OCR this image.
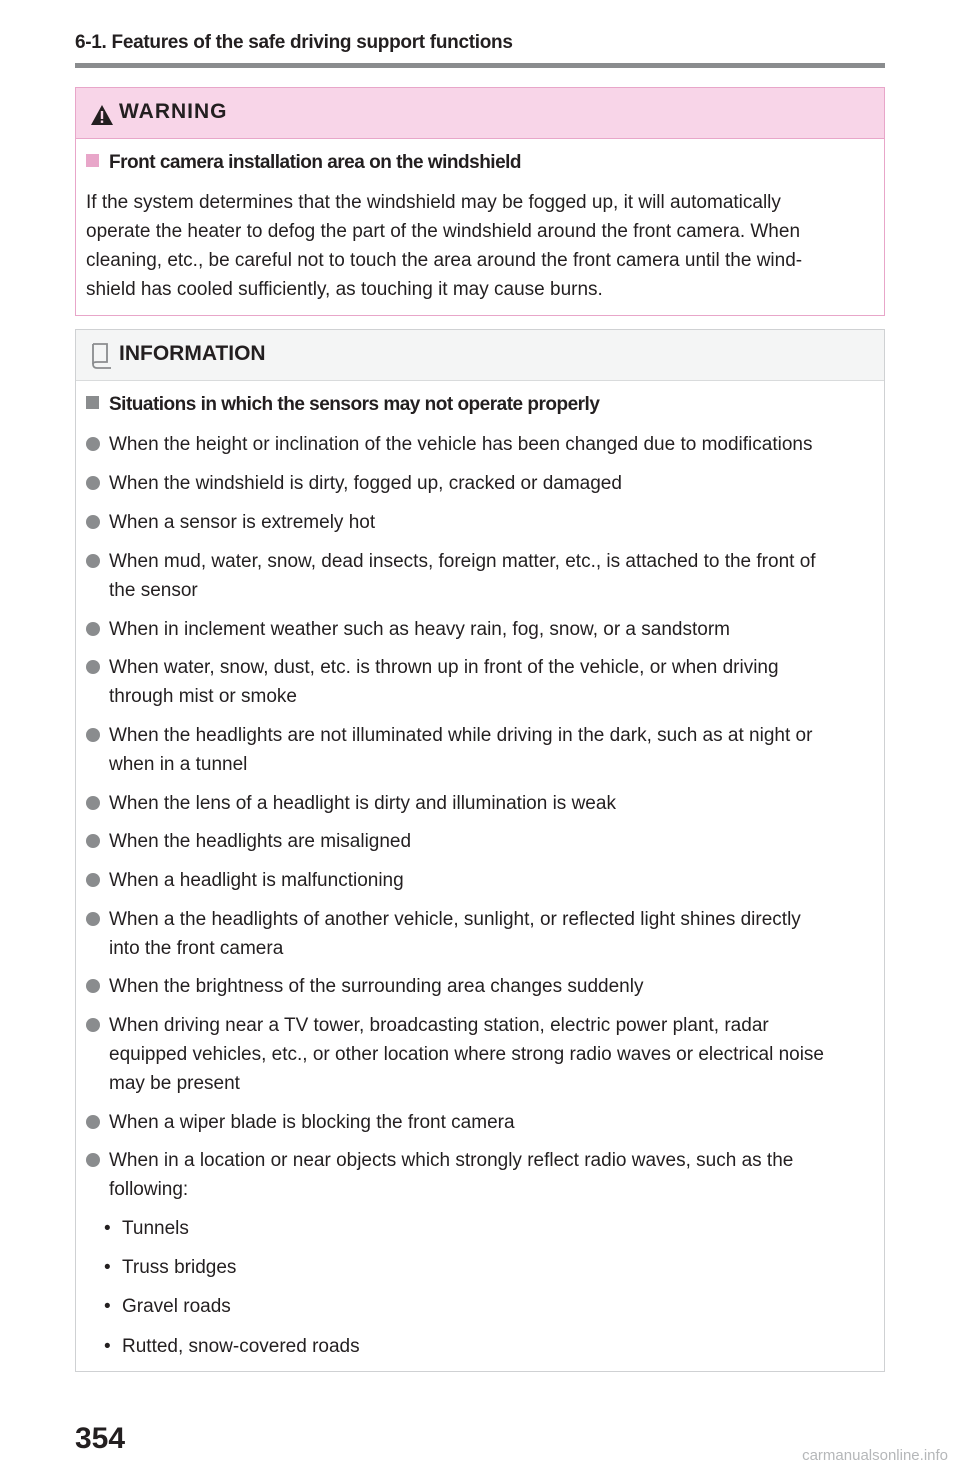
6-1. Features of the safe driving support functions
WARNING
Front camera installation area on the windshield
If the system determines that the windshield may be fogged up, it will automatically
operate the heater to defog the part of the windshield around the front camera. When
cleaning, etc., be careful not to touch the area around the front camera until the wind-
shield has cooled sufficiently, as touching it may cause burns.
INFORMATION
Situations in which the sensors may not operate properly
When the height or inclination of the vehicle has been changed due to modifications
When the windshield is dirty, fogged up, cracked or damaged
When a sensor is extremely hot
When mud, water, snow, dead insects, foreign matter, etc., is attached to the front of
the sensor
When in inclement weather such as heavy rain, fog, snow, or a sandstorm
When water, snow, dust, etc. is thrown up in front of the vehicle, or when driving
through mist or smoke
When the headlights are not illuminated while driving in the dark, such as at night or
when in a tunnel
When the lens of a headlight is dirty and illumination is weak
When the headlights are misaligned
When a headlight is malfunctioning
When a the headlights of another vehicle, sunlight, or reflected light shines directly
into the front camera
When the brightness of the surrounding area changes suddenly
When driving near a TV tower, broadcasting station, electric power plant, radar
equipped vehicles, etc., or other location where strong radio waves or electrical noise
may be present
When a wiper blade is blocking the front camera
When in a location or near objects which strongly reflect radio waves, such as the
following:
• Tunnels
• Truss bridges
• Gravel roads
• Rutted, snow-covered roads
354
carmanualsonline.info
